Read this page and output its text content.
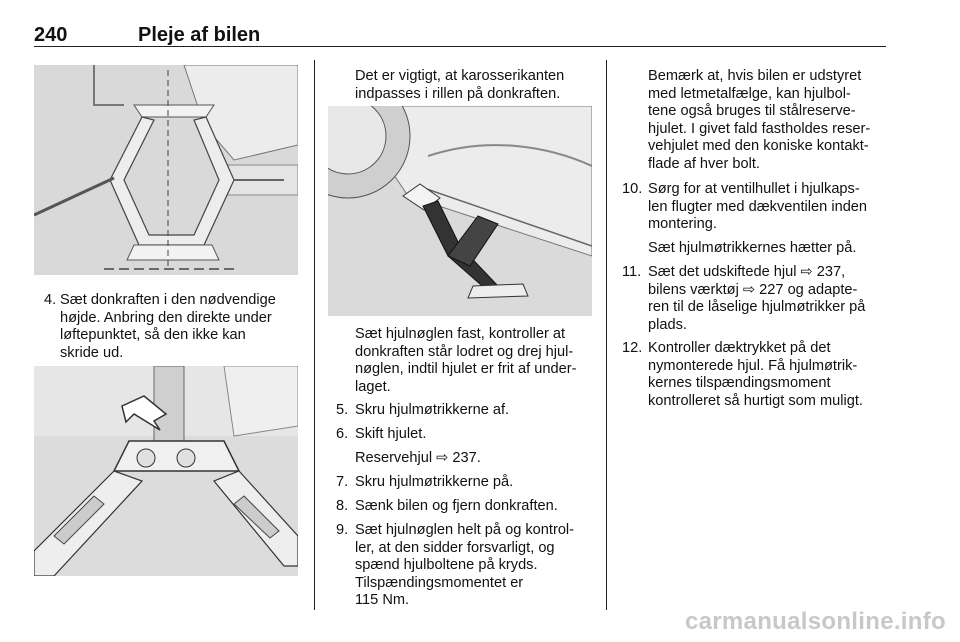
240	Pleje af bilen
4. Sæt donkraften i den nødvendige
højde. Anbring den direkte under
løftepunktet, så den ikke kan
skride ud.
Det er vigtigt, at karosserikanten
indpasses i rillen på donkraften.
Sæt hjulnøglen fast, kontroller at
donkraften står lodret og drej hjul-
nøglen, indtil hjulet er frit af under-
laget.
5. Skru hjulmøtrikkerne af.
6. Skift hjulet.
Reservehjul ⇨ 237.
7. Skru hjulmøtrikkerne på.
8. Sænk bilen og fjern donkraften.
9. Sæt hjulnøglen helt på og kontrol-
ler, at den sidder forsvarligt, og
spænd hjulboltene på kryds.
Tilspændingsmomentet er
115 Nm.
Bemærk at, hvis bilen er udstyret
med letmetalfælge, kan hjulbol-
tene også bruges til stålreserve-
hjulet. I givet fald fastholdes reser-
vehjulet med den koniske kontakt-
flade af hver bolt.
10. Sørg for at ventilhullet i hjulkaps-
len flugter med dækventilen inden
montering.
Sæt hjulmøtrikkernes hætter på.
11. Sæt det udskiftede hjul ⇨ 237,
bilens værktøj ⇨ 227 og adapte-
ren til de låselige hjulmøtrikker på
plads.
12. Kontroller dæktrykket på det
nymonterede hjul. Få hjulmøtrik-
kernes tilspændingsmoment
kontrolleret så hurtigt som muligt.
carmanualsonline.info
